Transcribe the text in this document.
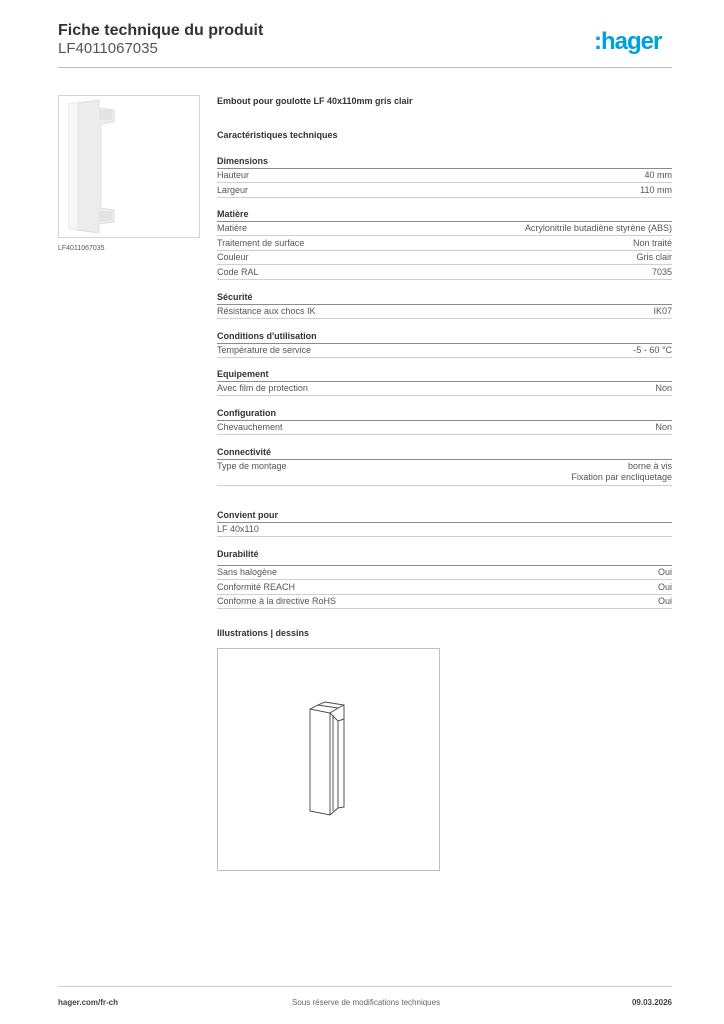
Fiche technique du produit
LF4011067035	:hager
LF4011067035
Embout pour goulotte LF 40x110mm gris clair
Caractéristiques techniques
Dimensions
Hauteur	40 mm
Largeur	110 mm
Matière
Matière	Acrylonitrile butadiène styrène (ABS)
Traitement de surface	Non traité
Couleur	Gris clair
Code RAL	7035
Sécurité
Résistance aux chocs IK	IK07
Conditions d'utilisation
Température de service	-5 - 60 °C
Equipement
Avec film de protection	Non
Configuration
Chevauchement	Non
Connectivité
Type de montage	borne à vis
Fixation par encliquetage
Convient pour
LF 40x110
Durabilité
Sans halogène	Oui
Conformité REACH	Oui
Conforme à la directive RoHS	Oui
Illustrations | dessins
hager.com/fr-ch	Sous réserve de modifications techniques	09.03.2026
